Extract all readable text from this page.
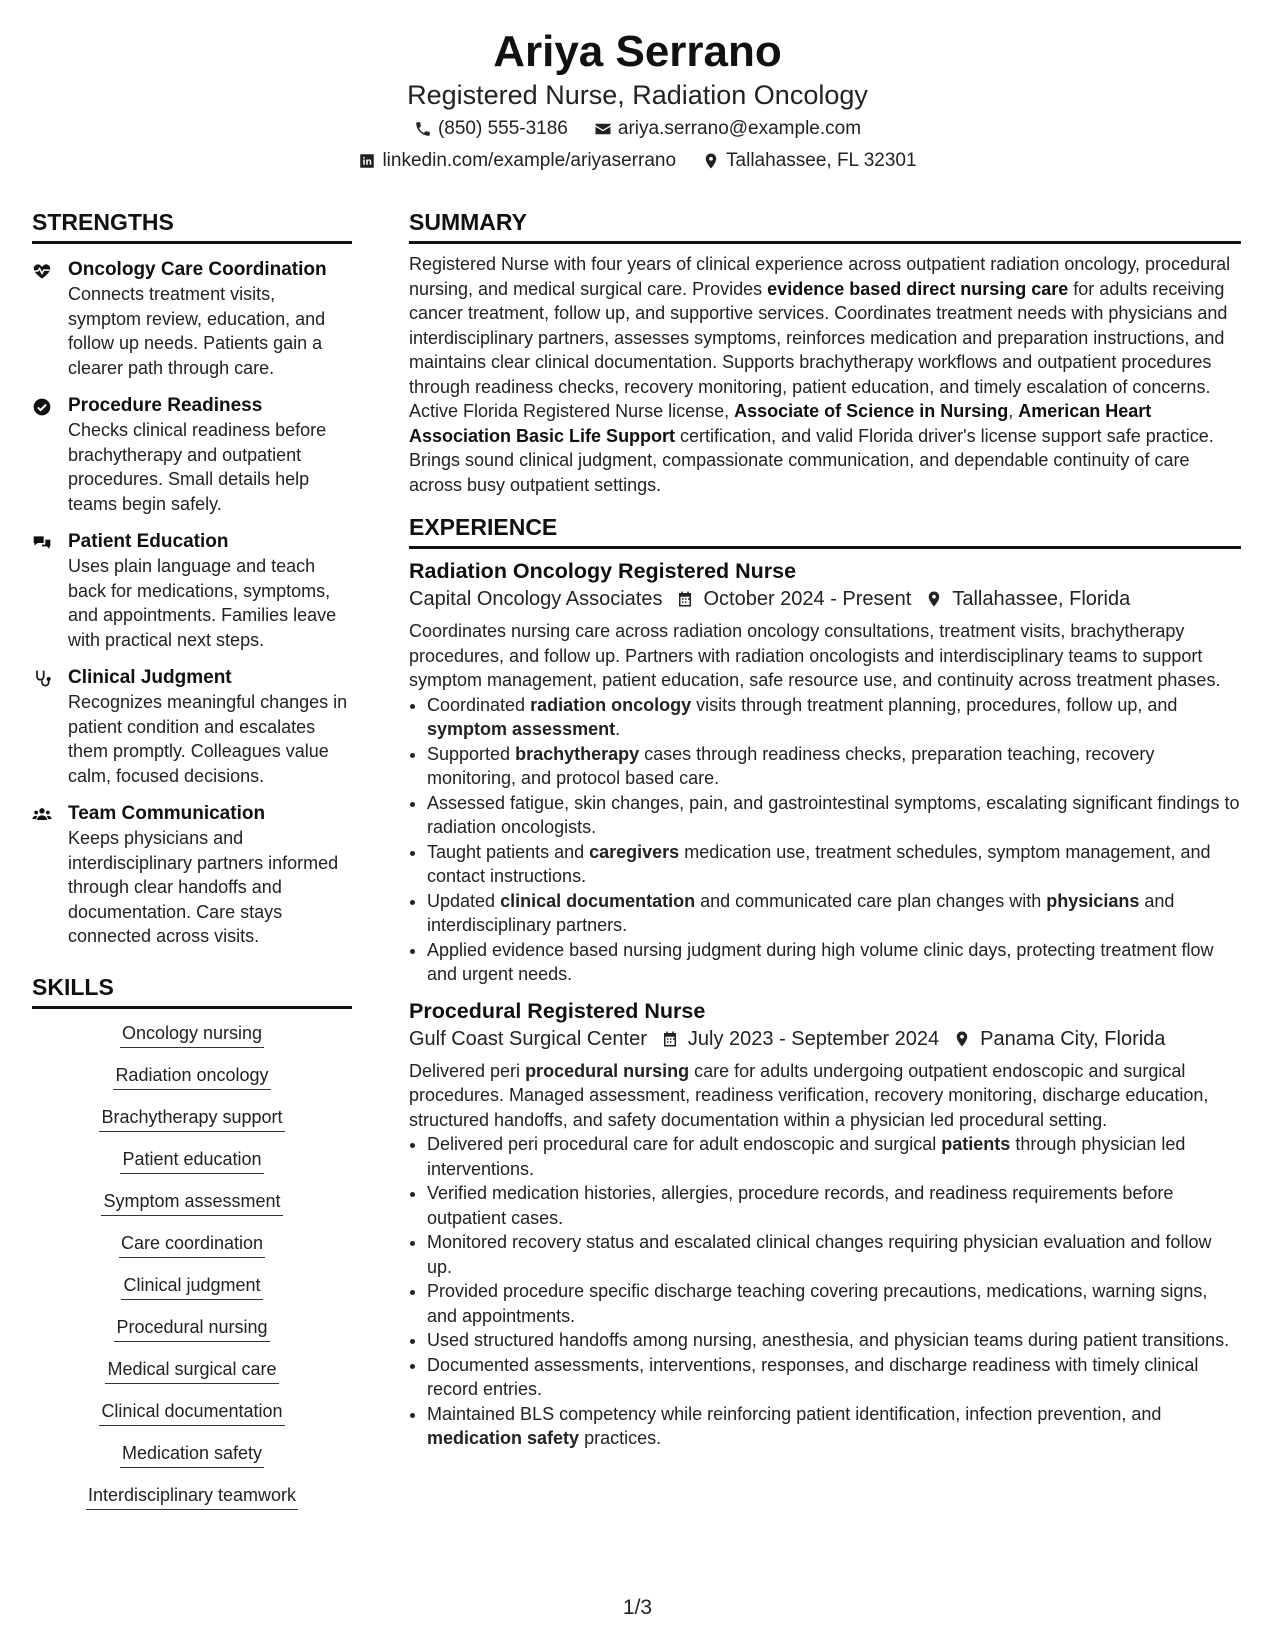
Ariya Serrano
Registered Nurse, Radiation Oncology
(850) 555-3186	ariya.serrano@example.com
linkedin.com/example/ariyaserrano	Tallahassee, FL 32301
STRENGTHS
Oncology Care Coordination
Connects treatment visits, symptom review, education, and follow up needs. Patients gain a clearer path through care.
Procedure Readiness
Checks clinical readiness before brachytherapy and outpatient procedures. Small details help teams begin safely.
Patient Education
Uses plain language and teach back for medications, symptoms, and appointments. Families leave with practical next steps.
Clinical Judgment
Recognizes meaningful changes in patient condition and escalates them promptly. Colleagues value calm, focused decisions.
Team Communication
Keeps physicians and interdisciplinary partners informed through clear handoffs and documentation. Care stays connected across visits.
SKILLS
Oncology nursing
Radiation oncology
Brachytherapy support
Patient education
Symptom assessment
Care coordination
Clinical judgment
Procedural nursing
Medical surgical care
Clinical documentation
Medication safety
Interdisciplinary teamwork
SUMMARY
Registered Nurse with four years of clinical experience across outpatient radiation oncology, procedural nursing, and medical surgical care. Provides evidence based direct nursing care for adults receiving cancer treatment, follow up, and supportive services. Coordinates treatment needs with physicians and interdisciplinary partners, assesses symptoms, reinforces medication and preparation instructions, and maintains clear clinical documentation. Supports brachytherapy workflows and outpatient procedures through readiness checks, recovery monitoring, patient education, and timely escalation of concerns. Active Florida Registered Nurse license, Associate of Science in Nursing, American Heart Association Basic Life Support certification, and valid Florida driver's license support safe practice. Brings sound clinical judgment, compassionate communication, and dependable continuity of care across busy outpatient settings.
EXPERIENCE
Radiation Oncology Registered Nurse
Capital Oncology Associates October 2024 - Present Tallahassee, Florida
Coordinates nursing care across radiation oncology consultations, treatment visits, brachytherapy procedures, and follow up. Partners with radiation oncologists and interdisciplinary teams to support symptom management, patient education, safe resource use, and continuity across treatment phases.
• Coordinated radiation oncology visits through treatment planning, procedures, follow up, and symptom assessment.
• Supported brachytherapy cases through readiness checks, preparation teaching, recovery monitoring, and protocol based care.
• Assessed fatigue, skin changes, pain, and gastrointestinal symptoms, escalating significant findings to radiation oncologists.
• Taught patients and caregivers medication use, treatment schedules, symptom management, and contact instructions.
• Updated clinical documentation and communicated care plan changes with physicians and interdisciplinary partners.
• Applied evidence based nursing judgment during high volume clinic days, protecting treatment flow and urgent needs.
Procedural Registered Nurse
Gulf Coast Surgical Center July 2023 - September 2024 Panama City, Florida
Delivered peri procedural nursing care for adults undergoing outpatient endoscopic and surgical procedures. Managed assessment, readiness verification, recovery monitoring, discharge education, structured handoffs, and safety documentation within a physician led procedural setting.
• Delivered peri procedural care for adult endoscopic and surgical patients through physician led interventions.
• Verified medication histories, allergies, procedure records, and readiness requirements before outpatient cases.
• Monitored recovery status and escalated clinical changes requiring physician evaluation and follow up.
• Provided procedure specific discharge teaching covering precautions, medications, warning signs, and appointments.
• Used structured handoffs among nursing, anesthesia, and physician teams during patient transitions.
• Documented assessments, interventions, responses, and discharge readiness with timely clinical record entries.
• Maintained BLS competency while reinforcing patient identification, infection prevention, and medication safety practices.
1/3
